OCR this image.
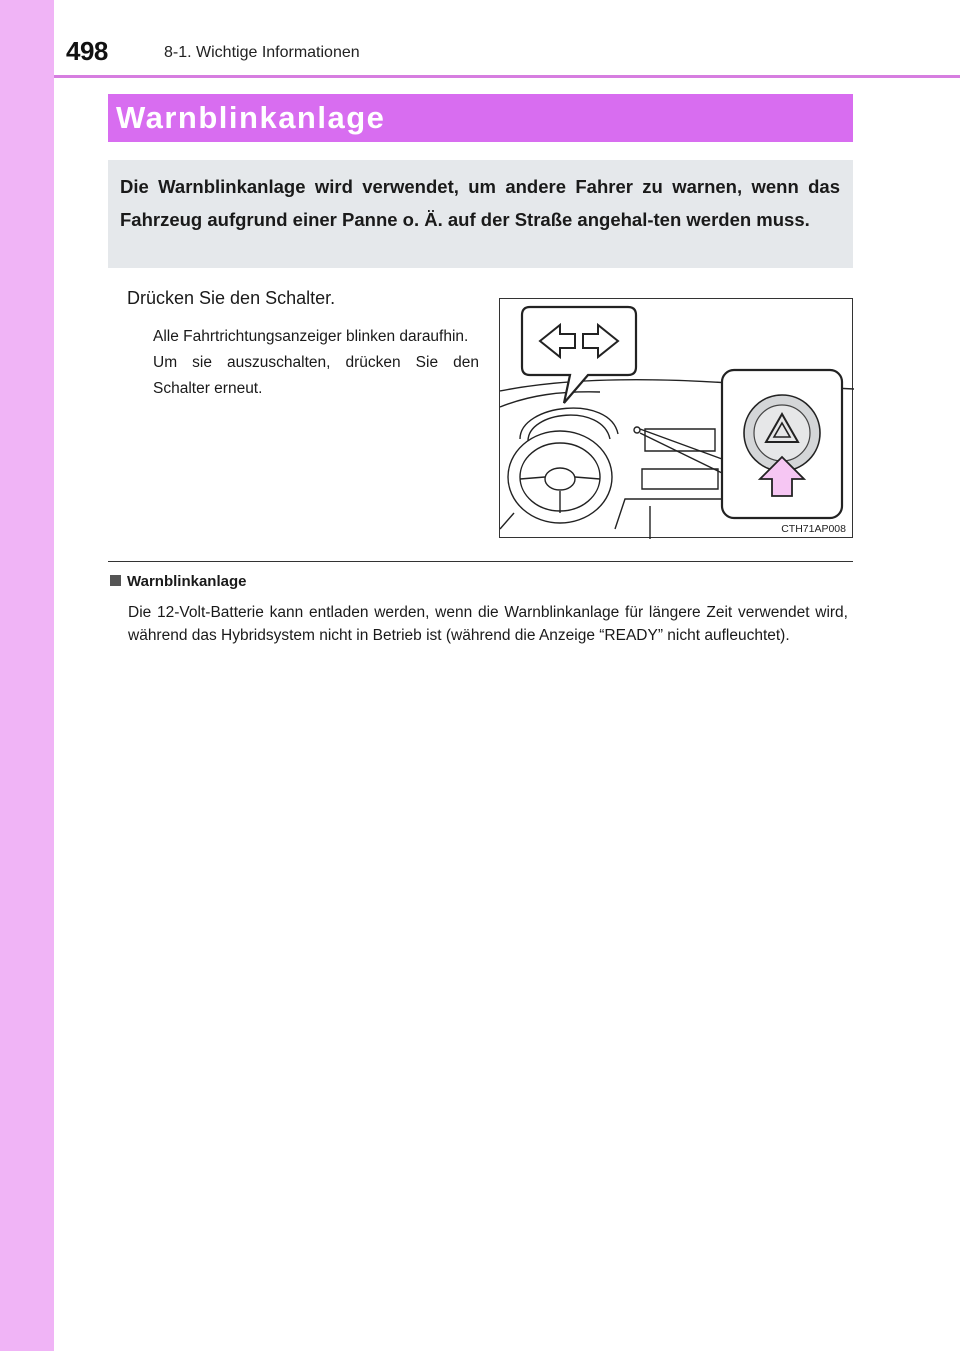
498	8-1. Wichtige Informationen
Warnblinkanlage
Die Warnblinkanlage wird verwendet, um andere Fahrer zu warnen, wenn das Fahrzeug aufgrund einer Panne o. Ä. auf der Straße angehal-ten werden muss.
Drücken Sie den Schalter.

Alle Fahrtrichtungsanzeiger blinken daraufhin.

Um sie auszuschalten, drücken Sie den Schalter erneut.

CTH71AP008
Warnblinkanlage
Die 12-Volt-Batterie kann entladen werden, wenn die Warnblinkanlage für längere Zeit verwendet wird, während das Hybridsystem nicht in Betrieb ist (während die Anzeige “READY” nicht aufleuchtet).
